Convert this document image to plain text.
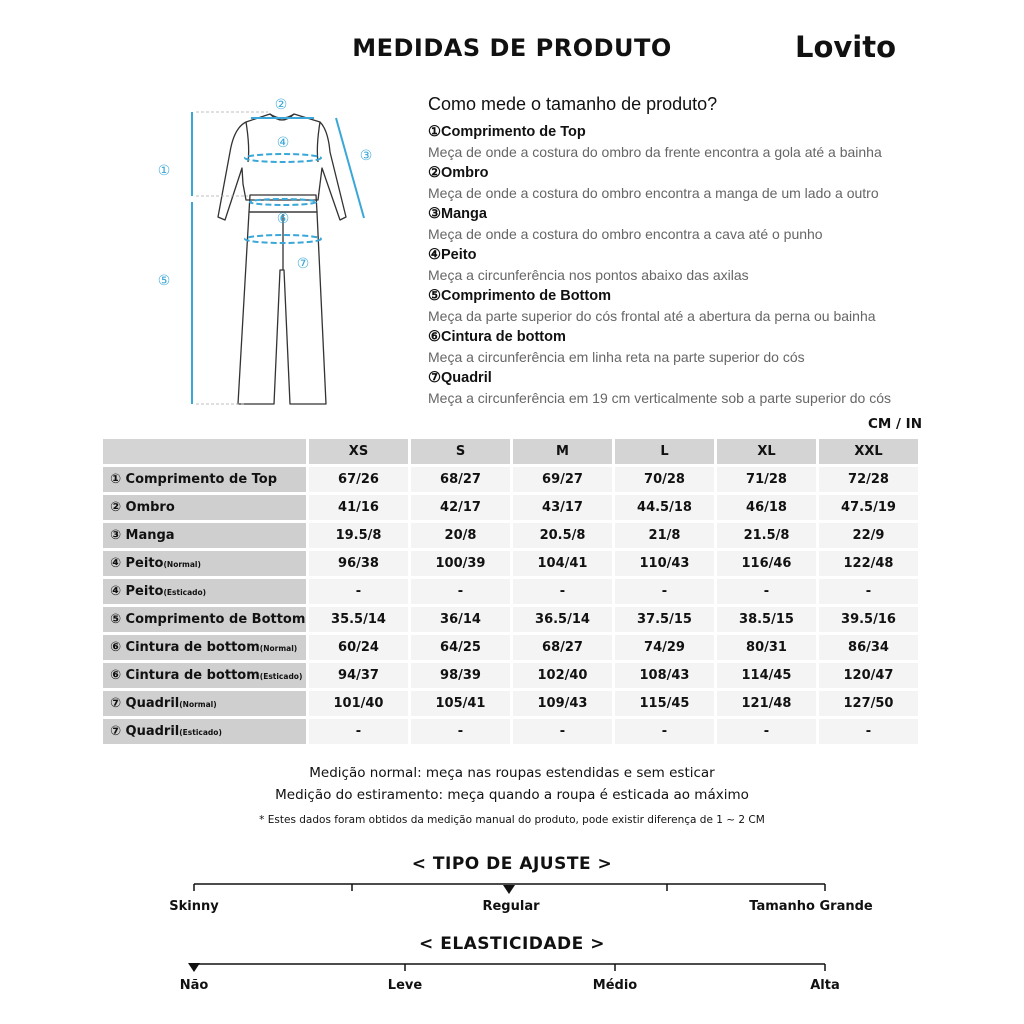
MEDIDAS DE PRODUTO	Lovito
①
②
③
④
⑤
⑥
⑦
Como mede o tamanho de produto?
①Comprimento de Top
Meça de onde a costura do ombro da frente encontra a gola até a bainha
②Ombro
Meça de onde a costura do ombro encontra a manga de um lado a outro
③Manga
Meça de onde a costura do ombro encontra a cava até o punho
④Peito
Meça a circunferência nos pontos abaixo das axilas
⑤Comprimento de Bottom
Meça da parte superior do cós frontal até a abertura da perna ou bainha
⑥Cintura de bottom
Meça a circunferência em linha reta na parte superior do cós
⑦Quadril
Meça a circunferência em 19 cm verticalmente sob a parte superior do cós
CM / IN
	XS	S	M	L	XL	XXL
① Comprimento de Top	67/26	68/27	69/27	70/28	71/28	72/28
② Ombro	41/16	42/17	43/17	44.5/18	46/18	47.5/19
③ Manga	19.5/8	20/8	20.5/8	21/8	21.5/8	22/9
④ Peito(Normal)	96/38	100/39	104/41	110/43	116/46	122/48
④ Peito(Esticado)	-	-	-	-	-	-
⑤ Comprimento de Bottom	35.5/14	36/14	36.5/14	37.5/15	38.5/15	39.5/16
⑥ Cintura de bottom(Normal)	60/24	64/25	68/27	74/29	80/31	86/34
⑥ Cintura de bottom(Esticado)	94/37	98/39	102/40	108/43	114/45	120/47
⑦ Quadril(Normal)	101/40	105/41	109/43	115/45	121/48	127/50
⑦ Quadril(Esticado)	-	-	-	-	-	-
Medição normal: meça nas roupas estendidas e sem esticar
Medição do estiramento: meça quando a roupa é esticada ao máximo
* Estes dados foram obtidos da medição manual do produto, pode existir diferença de 1 ~ 2 CM
< TIPO DE AJUSTE >
Skinny	Regular	Tamanho Grande
< ELASTICIDADE >
Não	Leve	Médio	Alta
